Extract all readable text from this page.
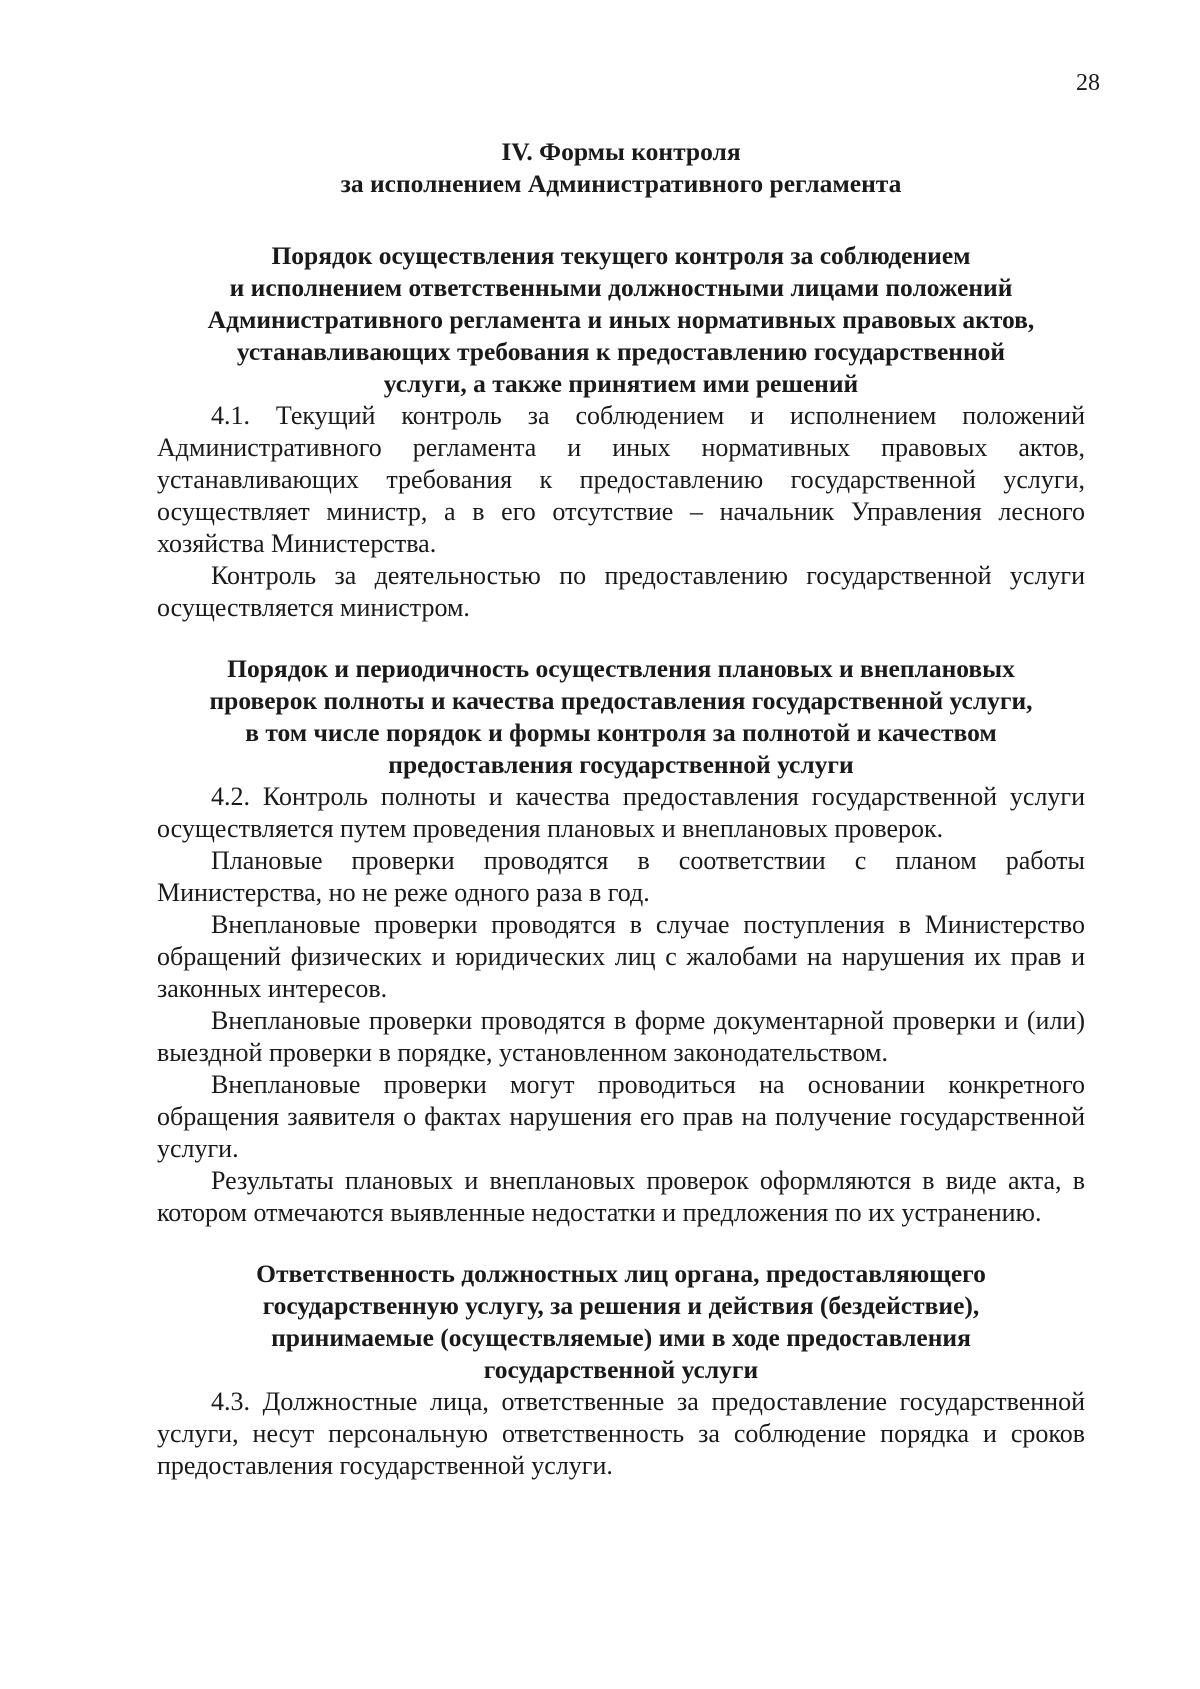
28
IV. Формы контроля
за исполнением Административного регламента
Порядок осуществления текущего контроля за соблюдением
и исполнением ответственными должностными лицами положений
Административного регламента и иных нормативных правовых актов,
устанавливающих требования к предоставлению государственной
услуги, а также принятием ими решений

4.1. Текущий контроль за соблюдением и исполнением положений Административного регламента и иных нормативных правовых актов, устанавливающих требования к предоставлению государственной услуги, осуществляет министр, а в его отсутствие – начальник Управления лесного хозяйства Министерства.

Контроль за деятельностью по предоставлению государственной услуги осуществляется министром.

Порядок и периодичность осуществления плановых и внеплановых
проверок полноты и качества предоставления государственной услуги,
в том числе порядок и формы контроля за полнотой и качеством
предоставления государственной услуги

4.2. Контроль полноты и качества предоставления государственной услуги осуществляется путем проведения плановых и внеплановых проверок.

Плановые проверки проводятся в соответствии с планом работы Министерства, но не реже одного раза в год.

Внеплановые проверки проводятся в случае поступления в Министерство обращений физических и юридических лиц с жалобами на нарушения их прав и законных интересов.

Внеплановые проверки проводятся в форме документарной проверки и (или) выездной проверки в порядке, установленном законодательством.

Внеплановые проверки могут проводиться на основании конкретного обращения заявителя о фактах нарушения его прав на получение государственной услуги.

Результаты плановых и внеплановых проверок оформляются в виде акта, в котором отмечаются выявленные недостатки и предложения по их устранению.

Ответственность должностных лиц органа, предоставляющего
государственную услугу, за решения и действия (бездействие),
принимаемые (осуществляемые) ими в ходе предоставления
государственной услуги

4.3. Должностные лица, ответственные за предоставление государственной услуги, несут персональную ответственность за соблюдение порядка и сроков предоставления государственной услуги.
